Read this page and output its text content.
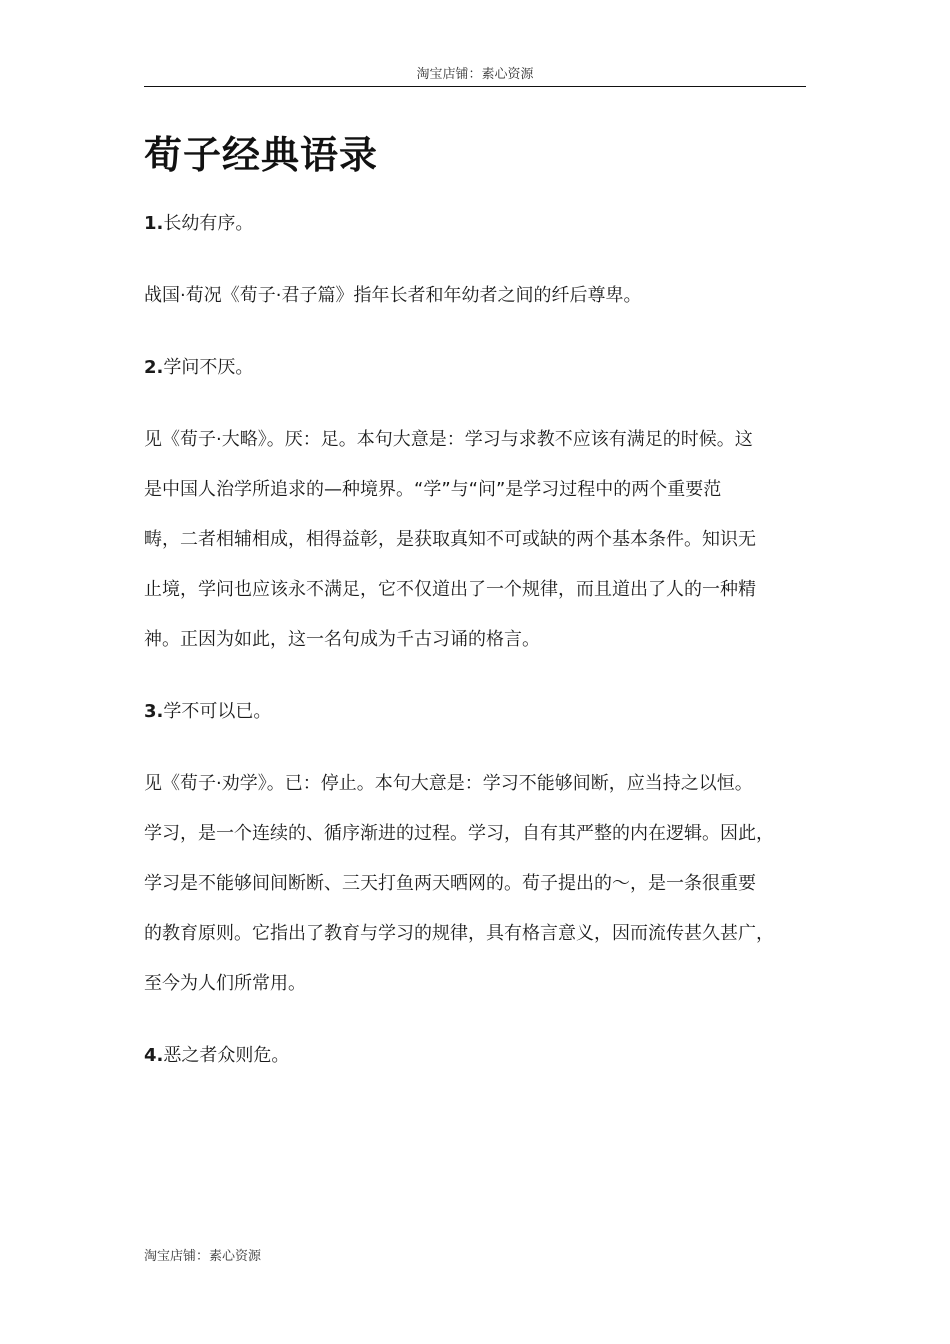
淘宝店铺：素心资源
荀子经典语录
1.长幼有序。
战国·荀况《荀子·君子篇》指年长者和年幼者之间的纤后尊卑。
2.学问不厌。
见《荀子·大略》。厌：足。本句大意是：学习与求教不应该有满足的时候。这
是中国人治学所追求的—种境界。“学”与“问”是学习过程中的两个重要范
畴，二者相辅相成，相得益彰，是获取真知不可或缺的两个基本条件。知识无
止境，学问也应该永不满足，它不仅道出了一个规律，而且道出了人的一种精
神。正因为如此，这一名句成为千古习诵的格言。
3.学不可以已。
见《荀子·劝学》。已：停止。本句大意是：学习不能够间断，应当持之以恒。
学习，是一个连续的、循序渐进的过程。学习，自有其严整的内在逻辑。因此，
学习是不能够间间断断、三天打鱼两天晒网的。荀子提出的～，是一条很重要
的教育原则。它指出了教育与学习的规律，具有格言意义，因而流传甚久甚广，
至今为人们所常用。
4.恶之者众则危。
淘宝店铺：素心资源
